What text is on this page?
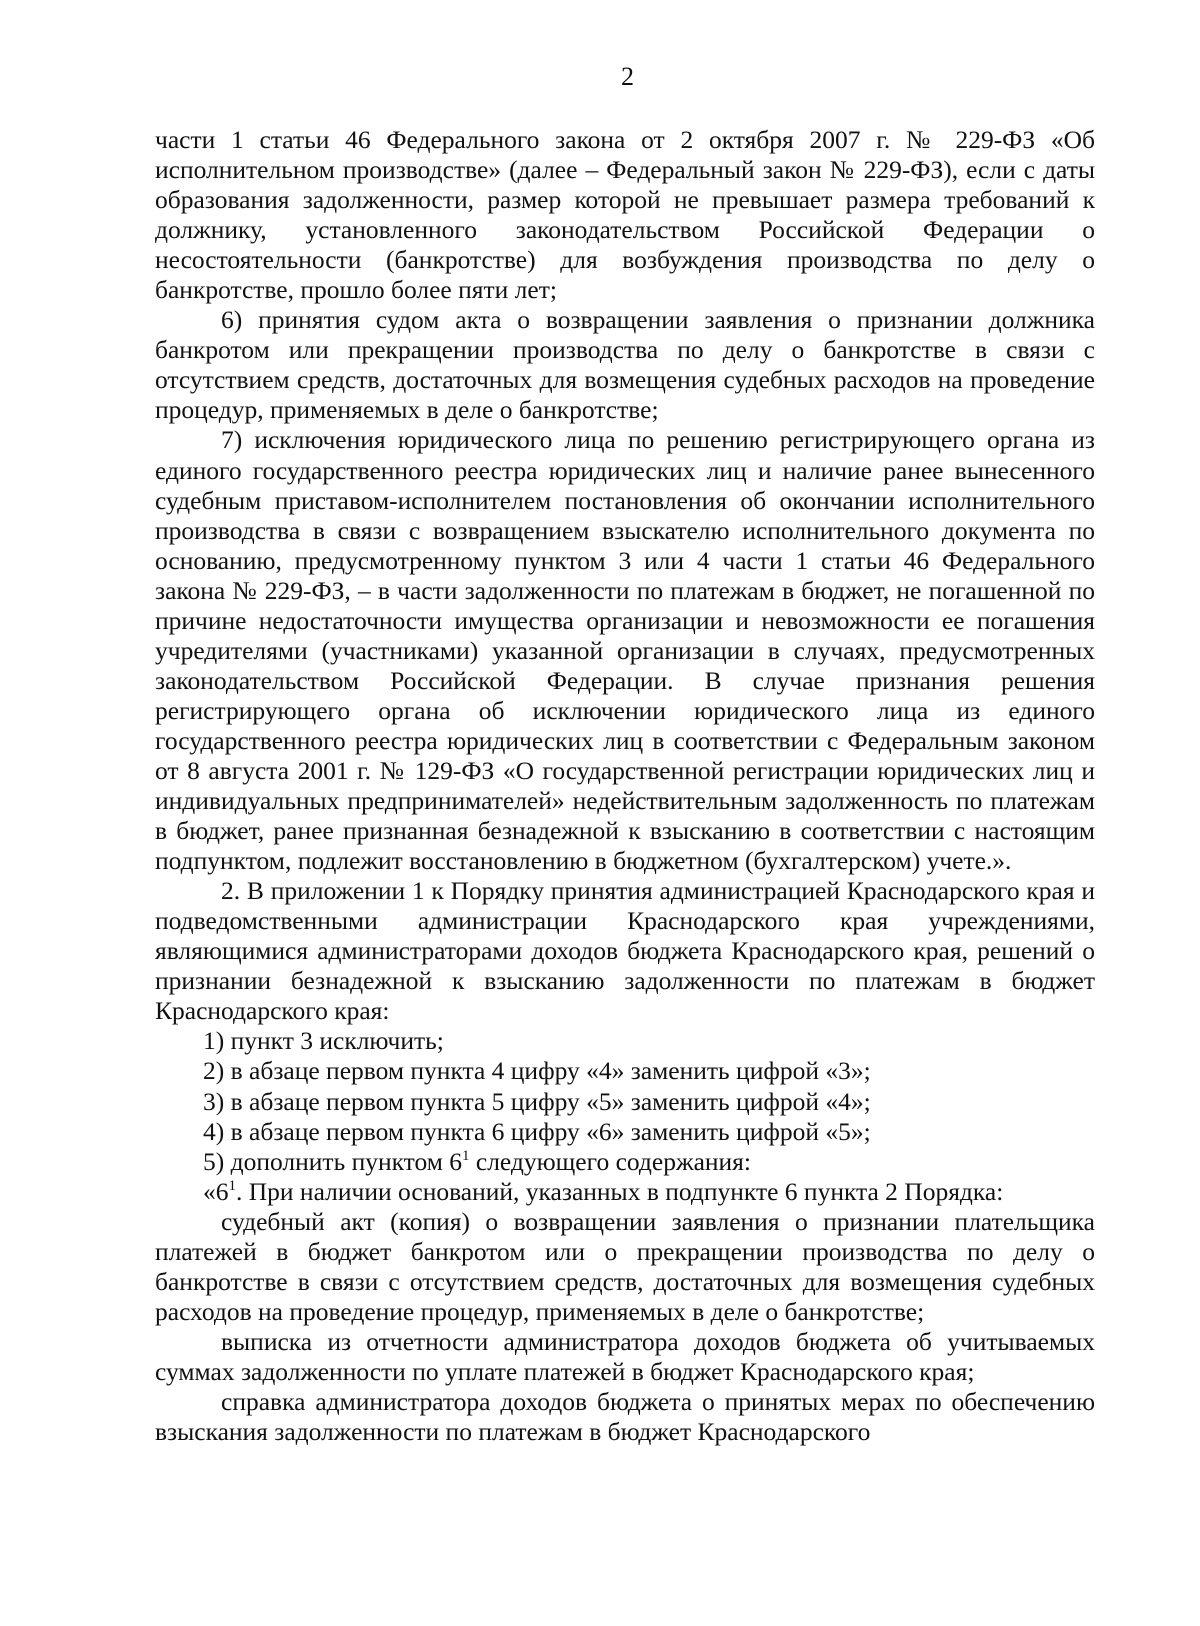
2

части 1 статьи 46 Федерального закона от 2 октября 2007 г. № 229-ФЗ «Об исполнительном производстве» (далее – Федеральный закон № 229-ФЗ), если с даты образования задолженности, размер которой не превышает размера требований к должнику, установленного законодательством Российской Федерации о несостоятельности (банкротстве) для возбуждения производства по делу о банкротстве, прошло более пяти лет;

6) принятия судом акта о возвращении заявления о признании должника банкротом или прекращении производства по делу о банкротстве в связи с отсутствием средств, достаточных для возмещения судебных расходов на проведение процедур, применяемых в деле о банкротстве;

7) исключения юридического лица по решению регистрирующего органа из единого государственного реестра юридических лиц и наличие ранее вынесенного судебным приставом-исполнителем постановления об окончании исполнительного производства в связи с возвращением взыскателю исполнительного документа по основанию, предусмотренному пунктом 3 или 4 части 1 статьи 46 Федерального закона № 229-ФЗ, – в части задолженности по платежам в бюджет, не погашенной по причине недостаточности имущества организации и невозможности ее погашения учредителями (участниками) указанной организации в случаях, предусмотренных законодательством Российской Федерации. В случае признания решения регистрирующего органа об исключении юридического лица из единого государственного реестра юридических лиц в соответствии с Федеральным законом от 8 августа 2001 г. № 129-ФЗ «О государственной регистрации юридических лиц и индивидуальных предпринимателей» недействительным задолженность по платежам в бюджет, ранее признанная безнадежной к взысканию в соответствии с настоящим подпунктом, подлежит восстановлению в бюджетном (бухгалтерском) учете.».

2. В приложении 1 к Порядку принятия администрацией Краснодарского края и подведомственными администрации Краснодарского края учреждениями, являющимися администраторами доходов бюджета Краснодарского края, решений о признании безнадежной к взысканию задолженности по платежам в бюджет Краснодарского края:

1) пункт 3 исключить;

2) в абзаце первом пункта 4 цифру «4» заменить цифрой «3»;

3) в абзаце первом пункта 5 цифру «5» заменить цифрой «4»;

4) в абзаце первом пункта 6 цифру «6» заменить цифрой «5»;

5) дополнить пунктом $6^1$ следующего содержания:

«$6^1$. При наличии оснований, указанных в подпункте 6 пункта 2 Порядка:

судебный акт (копия) о возвращении заявления о признании плательщика платежей в бюджет банкротом или о прекращении производства по делу о банкротстве в связи с отсутствием средств, достаточных для возмещения судебных расходов на проведение процедур, применяемых в деле о банкротстве;

выписка из отчетности администратора доходов бюджета об учитываемых суммах задолженности по уплате платежей в бюджет Краснодарского края;

справка администратора доходов бюджета о принятых мерах по обеспечению взыскания задолженности по платежам в бюджет Краснодарского
